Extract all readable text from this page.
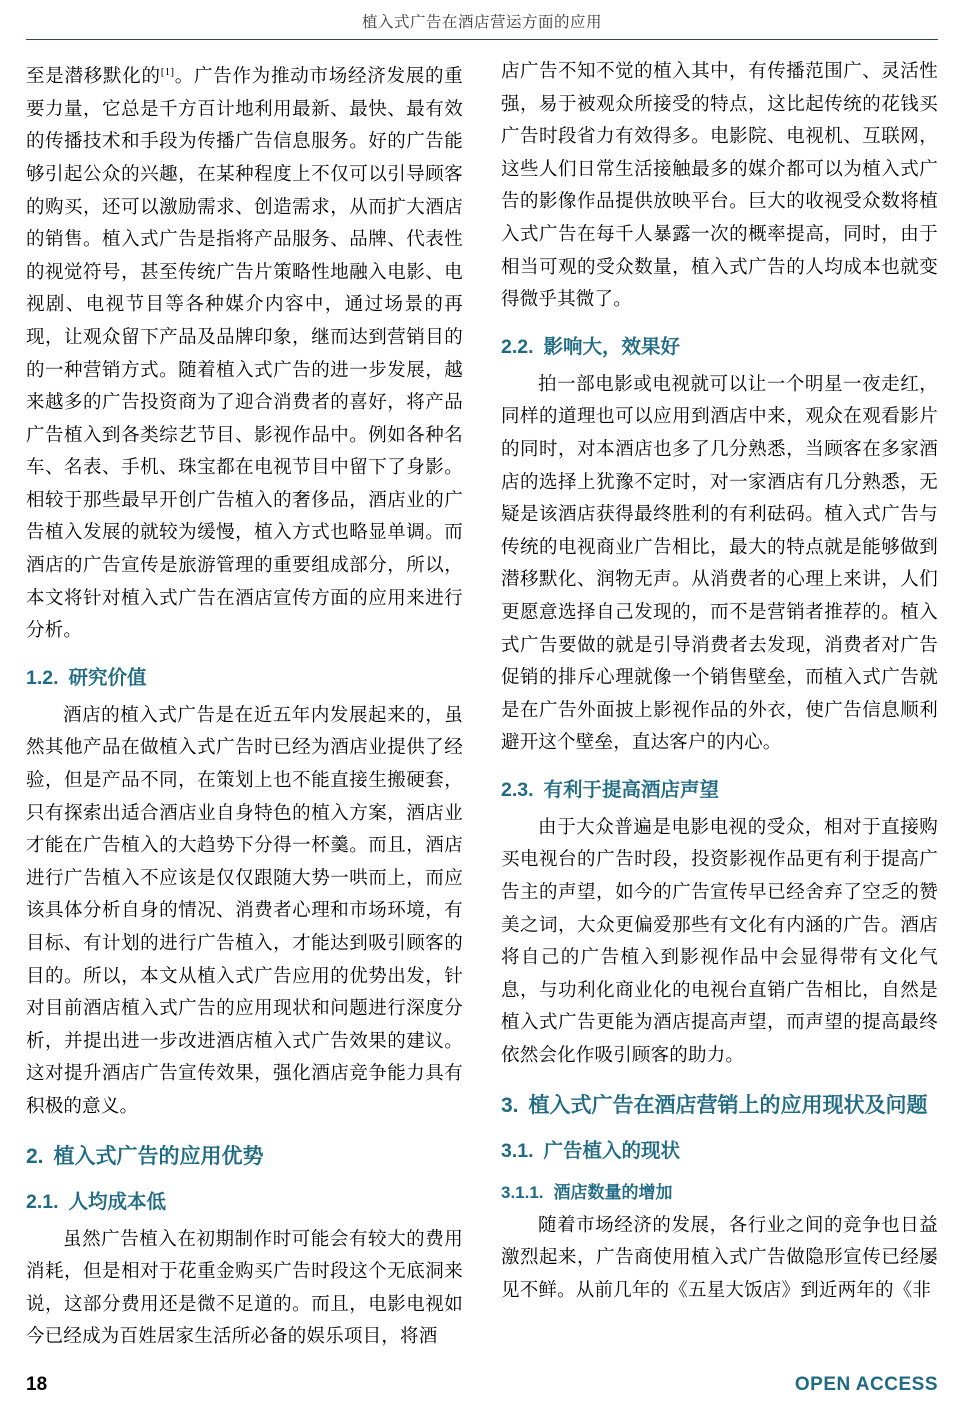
植入式广告在酒店营运方面的应用

至是潜移默化的[1]。广告作为推动市场经济发展的重要力量，它总是千方百计地利用最新、最快、最有效的传播技术和手段为传播广告信息服务。好的广告能够引起公众的兴趣，在某种程度上不仅可以引导顾客的购买，还可以激励需求、创造需求，从而扩大酒店的销售。植入式广告是指将产品服务、品牌、代表性的视觉符号，甚至传统广告片策略性地融入电影、电视剧、电视节目等各种媒介内容中，通过场景的再现，让观众留下产品及品牌印象，继而达到营销目的的一种营销方式。随着植入式广告的进一步发展，越来越多的广告投资商为了迎合消费者的喜好，将产品广告植入到各类综艺节目、影视作品中。例如各种名车、名表、手机、珠宝都在电视节目中留下了身影。相较于那些最早开创广告植入的奢侈品，酒店业的广告植入发展的就较为缓慢，植入方式也略显单调。而酒店的广告宣传是旅游管理的重要组成部分，所以，本文将针对植入式广告在酒店宣传方面的应用来进行分析。

1.2. 研究价值

酒店的植入式广告是在近五年内发展起来的，虽然其他产品在做植入式广告时已经为酒店业提供了经验，但是产品不同，在策划上也不能直接生搬硬套，只有探索出适合酒店业自身特色的植入方案，酒店业才能在广告植入的大趋势下分得一杯羹。而且，酒店进行广告植入不应该是仅仅跟随大势一哄而上，而应该具体分析自身的情况、消费者心理和市场环境，有目标、有计划的进行广告植入，才能达到吸引顾客的目的。所以，本文从植入式广告应用的优势出发，针对目前酒店植入式广告的应用现状和问题进行深度分析，并提出进一步改进酒店植入式广告效果的建议。这对提升酒店广告宣传效果，强化酒店竞争能力具有积极的意义。

2. 植入式广告的应用优势
2.1. 人均成本低

虽然广告植入在初期制作时可能会有较大的费用消耗，但是相对于花重金购买广告时段这个无底洞来说，这部分费用还是微不足道的。而且，电影电视如今已经成为百姓居家生活所必备的娱乐项目，将酒

店广告不知不觉的植入其中，有传播范围广、灵活性强，易于被观众所接受的特点，这比起传统的花钱买广告时段省力有效得多。电影院、电视机、互联网，这些人们日常生活接触最多的媒介都可以为植入式广告的影像作品提供放映平台。巨大的收视受众数将植入式广告在每千人暴露一次的概率提高，同时，由于相当可观的受众数量，植入式广告的人均成本也就变得微乎其微了。

2.2. 影响大，效果好

拍一部电影或电视就可以让一个明星一夜走红，同样的道理也可以应用到酒店中来，观众在观看影片的同时，对本酒店也多了几分熟悉，当顾客在多家酒店的选择上犹豫不定时，对一家酒店有几分熟悉，无疑是该酒店获得最终胜利的有利砝码。植入式广告与传统的电视商业广告相比，最大的特点就是能够做到潜移默化、润物无声。从消费者的心理上来讲，人们更愿意选择自己发现的，而不是营销者推荐的。植入式广告要做的就是引导消费者去发现，消费者对广告促销的排斥心理就像一个销售壁垒，而植入式广告就是在广告外面披上影视作品的外衣，使广告信息顺利避开这个壁垒，直达客户的内心。

2.3. 有利于提高酒店声望

由于大众普遍是电影电视的受众，相对于直接购买电视台的广告时段，投资影视作品更有利于提高广告主的声望，如今的广告宣传早已经舍弃了空乏的赞美之词，大众更偏爱那些有文化有内涵的广告。酒店将自己的广告植入到影视作品中会显得带有文化气息，与功利化商业化的电视台直销广告相比，自然是植入式广告更能为酒店提高声望，而声望的提高最终依然会化作吸引顾客的助力。

3. 植入式广告在酒店营销上的应用现状及问题
3.1. 广告植入的现状
3.1.1. 酒店数量的增加

随着市场经济的发展，各行业之间的竞争也日益激烈起来，广告商使用植入式广告做隐形宣传已经屡见不鲜。从前几年的《五星大饭店》到近两年的《非

18	OPEN ACCESS
